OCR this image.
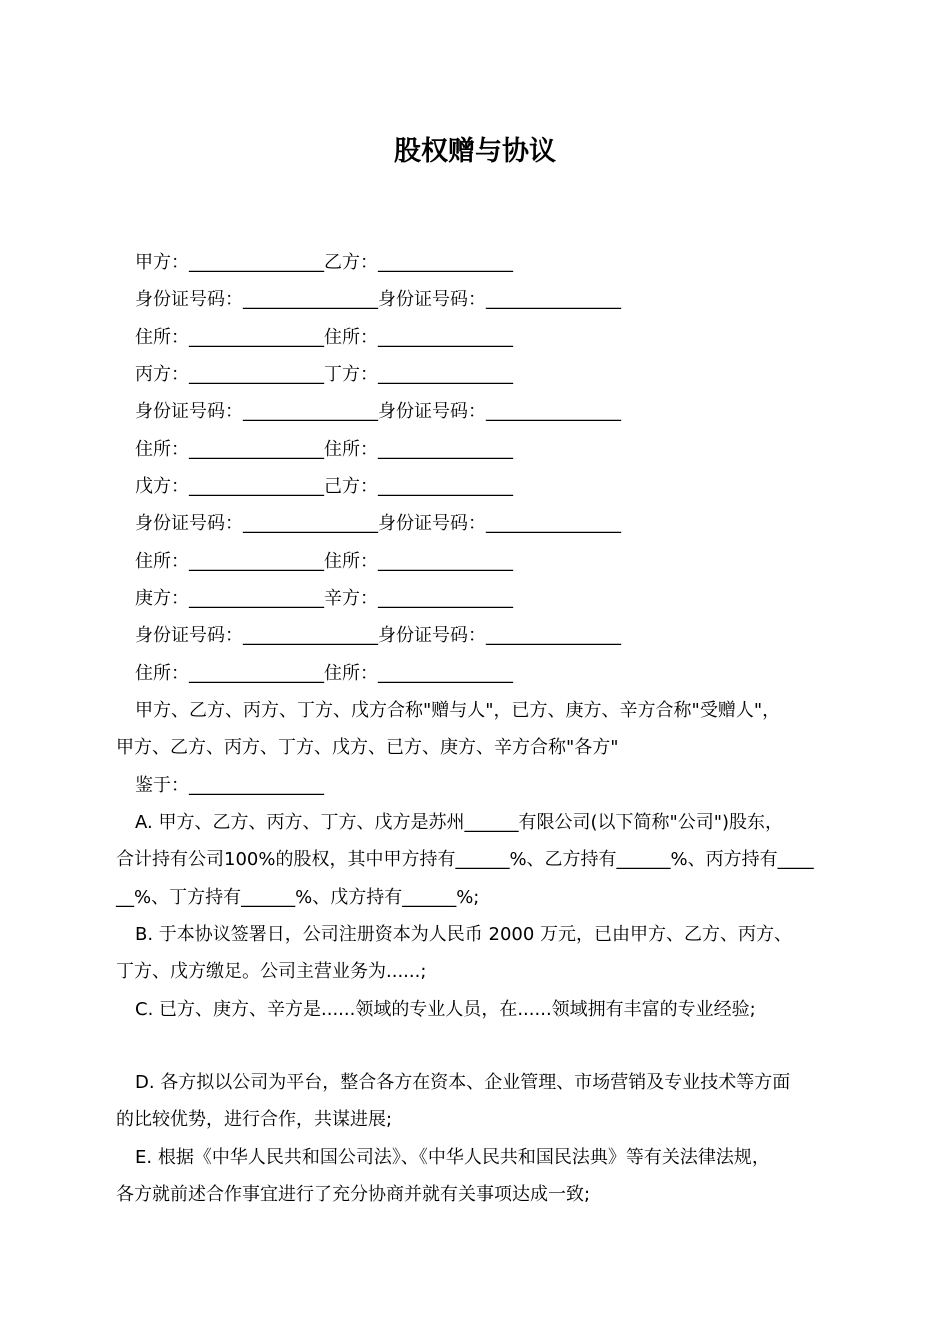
股权赠与协议
甲方：_______________乙方：_______________
身份证号码：_______________身份证号码：_______________
住所：_______________住所：_______________
丙方：_______________丁方：_______________
身份证号码：_______________身份证号码：_______________
住所：_______________住所：_______________
戊方：_______________己方：_______________
身份证号码：_______________身份证号码：_______________
住所：_______________住所：_______________
庚方：_______________辛方：_______________
身份证号码：_______________身份证号码：_______________
住所：_______________住所：_______________
甲方、乙方、丙方、丁方、戊方合称"赠与人"，已方、庚方、辛方合称"受赠人"，
甲方、乙方、丙方、丁方、戊方、已方、庚方、辛方合称"各方"
鉴于：_______________
A. 甲方、乙方、丙方、丁方、戊方是苏州______有限公司(以下简称"公司")股东，
合计持有公司100%的股权，其中甲方持有______%、乙方持有______%、丙方持有____
__%、丁方持有______%、戊方持有______%;
B. 于本协议签署日，公司注册资本为人民币 2000 万元，已由甲方、乙方、丙方、
丁方、戊方缴足。公司主营业务为......;
C. 已方、庚方、辛方是......领域的专业人员，在......领域拥有丰富的专业经验;
D. 各方拟以公司为平台，整合各方在资本、企业管理、市场营销及专业技术等方面
的比较优势，进行合作，共谋进展;
E. 根据《中华人民共和国公司法》、《中华人民共和国民法典》等有关法律法规，
各方就前述合作事宜进行了充分协商并就有关事项达成一致;
